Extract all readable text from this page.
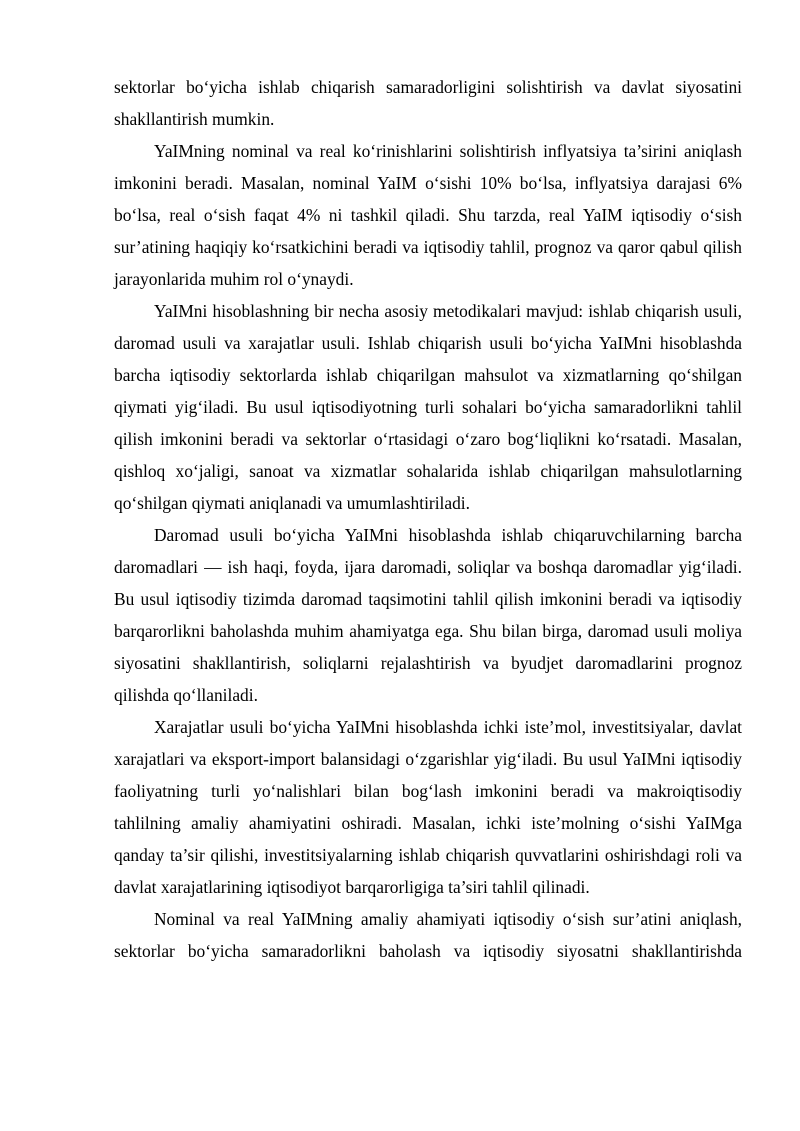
sektorlar bo‘yicha ishlab chiqarish samaradorligini solishtirish va davlat siyosatini shakllantirish mumkin.

YaIMning nominal va real ko‘rinishlarini solishtirish inflyatsiya ta’sirini aniqlash imkonini beradi. Masalan, nominal YaIM o‘sishi 10% bo‘lsa, inflyatsiya darajasi 6% bo‘lsa, real o‘sish faqat 4% ni tashkil qiladi. Shu tarzda, real YaIM iqtisodiy o‘sish sur’atining haqiqiy ko‘rsatkichini beradi va iqtisodiy tahlil, prognoz va qaror qabul qilish jarayonlarida muhim rol o‘ynaydi.

YaIMni hisoblashning bir necha asosiy metodikalari mavjud: ishlab chiqarish usuli, daromad usuli va xarajatlar usuli. Ishlab chiqarish usuli bo‘yicha YaIMni hisoblashda barcha iqtisodiy sektorlarda ishlab chiqarilgan mahsulot va xizmatlarning qo‘shilgan qiymati yig‘iladi. Bu usul iqtisodiyotning turli sohalari bo‘yicha samaradorlikni tahlil qilish imkonini beradi va sektorlar o‘rtasidagi o‘zaro bog‘liqlikni ko‘rsatadi. Masalan, qishloq xo‘jaligi, sanoat va xizmatlar sohalarida ishlab chiqarilgan mahsulotlarning qo‘shilgan qiymati aniqlanadi va umumlashtiriladi.

Daromad usuli bo‘yicha YaIMni hisoblashda ishlab chiqaruvchilarning barcha daromadlari — ish haqi, foyda, ijara daromadi, soliqlar va boshqa daromadlar yig‘iladi. Bu usul iqtisodiy tizimda daromad taqsimotini tahlil qilish imkonini beradi va iqtisodiy barqarorlikni baholashda muhim ahamiyatga ega. Shu bilan birga, daromad usuli moliya siyosatini shakllantirish, soliqlarni rejalashtirish va byudjet daromadlarini prognoz qilishda qo‘llaniladi.

Xarajatlar usuli bo‘yicha YaIMni hisoblashda ichki iste’mol, investitsiyalar, davlat xarajatlari va eksport-import balansidagi o‘zgarishlar yig‘iladi. Bu usul YaIMni iqtisodiy faoliyatning turli yo‘nalishlari bilan bog‘lash imkonini beradi va makroiqtisodiy tahlilning amaliy ahamiyatini oshiradi. Masalan, ichki iste’molning o‘sishi YaIMga qanday ta’sir qilishi, investitsiyalarning ishlab chiqarish quvvatlarini oshirishdagi roli va davlat xarajatlarining iqtisodiyot barqarorligiga ta’siri tahlil qilinadi.

Nominal va real YaIMning amaliy ahamiyati iqtisodiy o‘sish sur’atini aniqlash, sektorlar bo‘yicha samaradorlikni baholash va iqtisodiy siyosatni shakllantirishda
